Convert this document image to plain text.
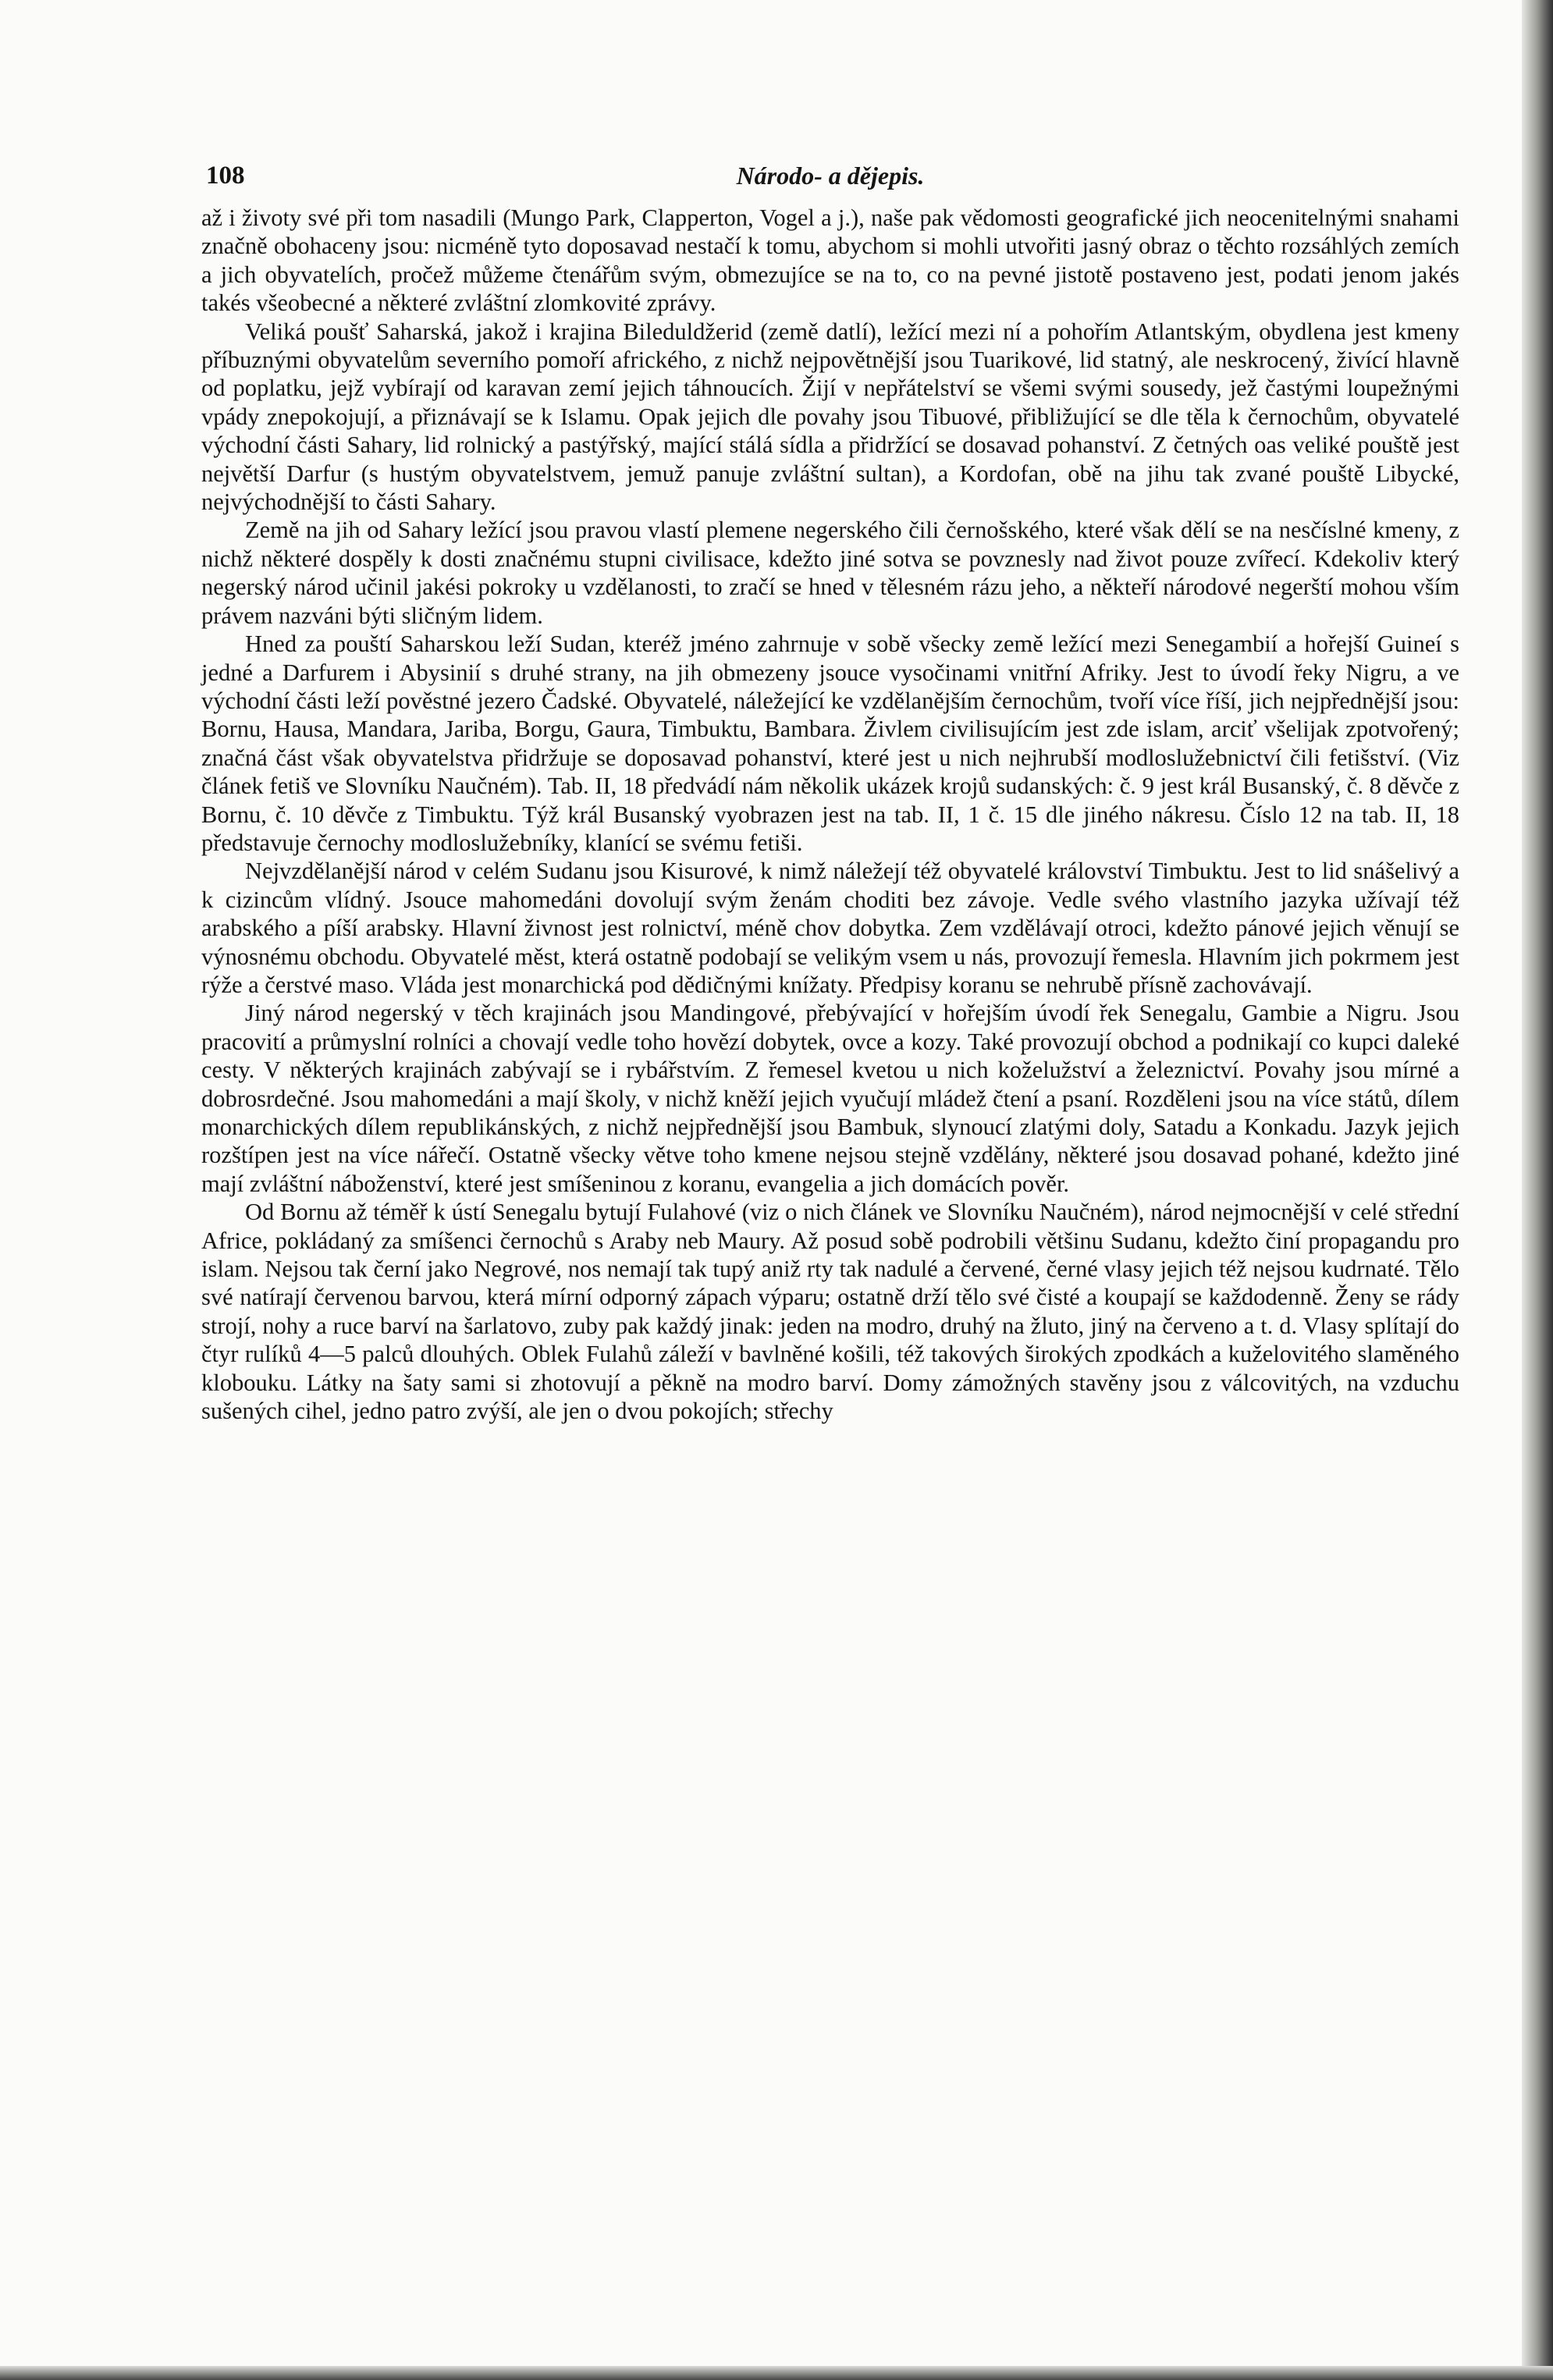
108	Národo- a dějepis.

až i životy své při tom nasadili (Mungo Park, Clapperton, Vogel a j.), naše pak vědomosti geografické jich neocenitelnými snahami značně obohaceny jsou: nicméně tyto doposavad nestačí k tomu, abychom si mohli utvořiti jasný obraz o těchto rozsáhlých zemích a jich obyvatelích, pročež můžeme čtenářům svým, obmezujíce se na to, co na pevné jistotě postaveno jest, podati jenom jakés takés všeobecné a některé zvláštní zlomkovité zprávy.

Veliká poušť Saharská, jakož i krajina Bileduldžerid (země datlí), ležící mezi ní a pohořím Atlantským, obydlena jest kmeny příbuznými obyvatelům severního pomoří afrického, z nichž nejpovětnější jsou Tuarikové, lid statný, ale neskrocený, živící hlavně od poplatku, jejž vybírají od karavan zemí jejich táhnoucích. Žijí v nepřátelství se všemi svými sousedy, jež častými loupežnými vpády znepokojují, a přiznávají se k Islamu. Opak jejich dle povahy jsou Tibuové, přibližující se dle těla k černochům, obyvatelé východní části Sahary, lid rolnický a pastýřský, mající stálá sídla a přidržící se dosavad pohanství. Z četných oas veliké pouště jest největší Darfur (s hustým obyvatelstvem, jemuž panuje zvláštní sultan), a Kordofan, obě na jihu tak zvané pouště Libycké, nejvýchodnější to části Sahary.

Země na jih od Sahary ležící jsou pravou vlastí plemene negerského čili černošského, které však dělí se na nesčíslné kmeny, z nichž některé dospěly k dosti značnému stupni civilisace, kdežto jiné sotva se povznesly nad život pouze zvířecí. Kdekoliv který negerský národ učinil jakési pokroky u vzdělanosti, to zračí se hned v tělesném rázu jeho, a někteří národové negerští mohou vším právem nazváni býti sličným lidem.

Hned za pouští Saharskou leží Sudan, kteréž jméno zahrnuje v sobě všecky země ležící mezi Senegambií a hořejší Guineí s jedné a Darfurem i Abysinií s druhé strany, na jih obmezeny jsouce vysočinami vnitřní Afriky. Jest to úvodí řeky Nigru, a ve východní části leží pověstné jezero Čadské. Obyvatelé, náležející ke vzdělanějším černochům, tvoří více říší, jich nejpřednější jsou: Bornu, Hausa, Mandara, Jariba, Borgu, Gaura, Timbuktu, Bambara. Živlem civilisujícím jest zde islam, arciť všelijak zpotvořený; značná část však obyvatelstva přidržuje se doposavad pohanství, které jest u nich nejhrubší modloslužebnictví čili fetišství. (Viz článek fetiš ve Slovníku Naučném). Tab. II, 18 předvádí nám několik ukázek krojů sudanských: č. 9 jest král Busanský, č. 8 děvče z Bornu, č. 10 děvče z Timbuktu. Týž král Busanský vyobrazen jest na tab. II, 1 č. 15 dle jiného nákresu. Číslo 12 na tab. II, 18 představuje černochy modloslužebníky, klanící se svému fetiši.

Nejvzdělanější národ v celém Sudanu jsou Kisurové, k nimž náležejí též obyvatelé království Timbuktu. Jest to lid snášelivý a k cizincům vlídný. Jsouce mahomedáni dovolují svým ženám choditi bez závoje. Vedle svého vlastního jazyka užívají též arabského a píší arabsky. Hlavní živnost jest rolnictví, méně chov dobytka. Zem vzdělávají otroci, kdežto pánové jejich věnují se výnosnému obchodu. Obyvatelé měst, která ostatně podobají se velikým vsem u nás, provozují řemesla. Hlavním jich pokrmem jest rýže a čerstvé maso. Vláda jest monarchická pod dědičnými knížaty. Předpisy koranu se nehrubě přísně zachovávají.

Jiný národ negerský v těch krajinách jsou Mandingové, přebývající v hořejším úvodí řek Senegalu, Gambie a Nigru. Jsou pracovití a průmyslní rolníci a chovají vedle toho hovězí dobytek, ovce a kozy. Také provozují obchod a podnikají co kupci daleké cesty. V některých krajinách zabývají se i rybářstvím. Z řemesel kvetou u nich koželužství a železnictví. Povahy jsou mírné a dobrosrdečné. Jsou mahomedáni a mají školy, v nichž kněží jejich vyučují mládež čtení a psaní. Rozděleni jsou na více států, dílem monarchických dílem republikánských, z nichž nejpřednější jsou Bambuk, slynoucí zlatými doly, Satadu a Konkadu. Jazyk jejich rozštípen jest na více nářečí. Ostatně všecky větve toho kmene nejsou stejně vzdělány, některé jsou dosavad pohané, kdežto jiné mají zvláštní náboženství, které jest smíšeninou z koranu, evangelia a jich domácích pověr.

Od Bornu až téměř k ústí Senegalu bytují Fulahové (viz o nich článek ve Slovníku Naučném), národ nejmocnější v celé střední Africe, pokládaný za smíšenci černochů s Araby neb Maury. Až posud sobě podrobili většinu Sudanu, kdežto činí propagandu pro islam. Nejsou tak černí jako Negrové, nos nemají tak tupý aniž rty tak nadulé a červené, černé vlasy jejich též nejsou kudrnaté. Tělo své natírají červenou barvou, která mírní odporný zápach výparu; ostatně drží tělo své čisté a koupají se každodenně. Ženy se rády strojí, nohy a ruce barví na šarlatovo, zuby pak každý jinak: jeden na modro, druhý na žluto, jiný na červeno a t. d. Vlasy splítají do čtyr rulíků 4—5 palců dlouhých. Oblek Fulahů záleží v bavlněné košili, též takových širokých zpodkách a kuželovitého slaměného klobouku. Látky na šaty sami si zhotovují a pěkně na modro barví. Domy zámožných stavěny jsou z válcovitých, na vzduchu sušených cihel, jedno patro zvýší, ale jen o dvou pokojích; střechy
